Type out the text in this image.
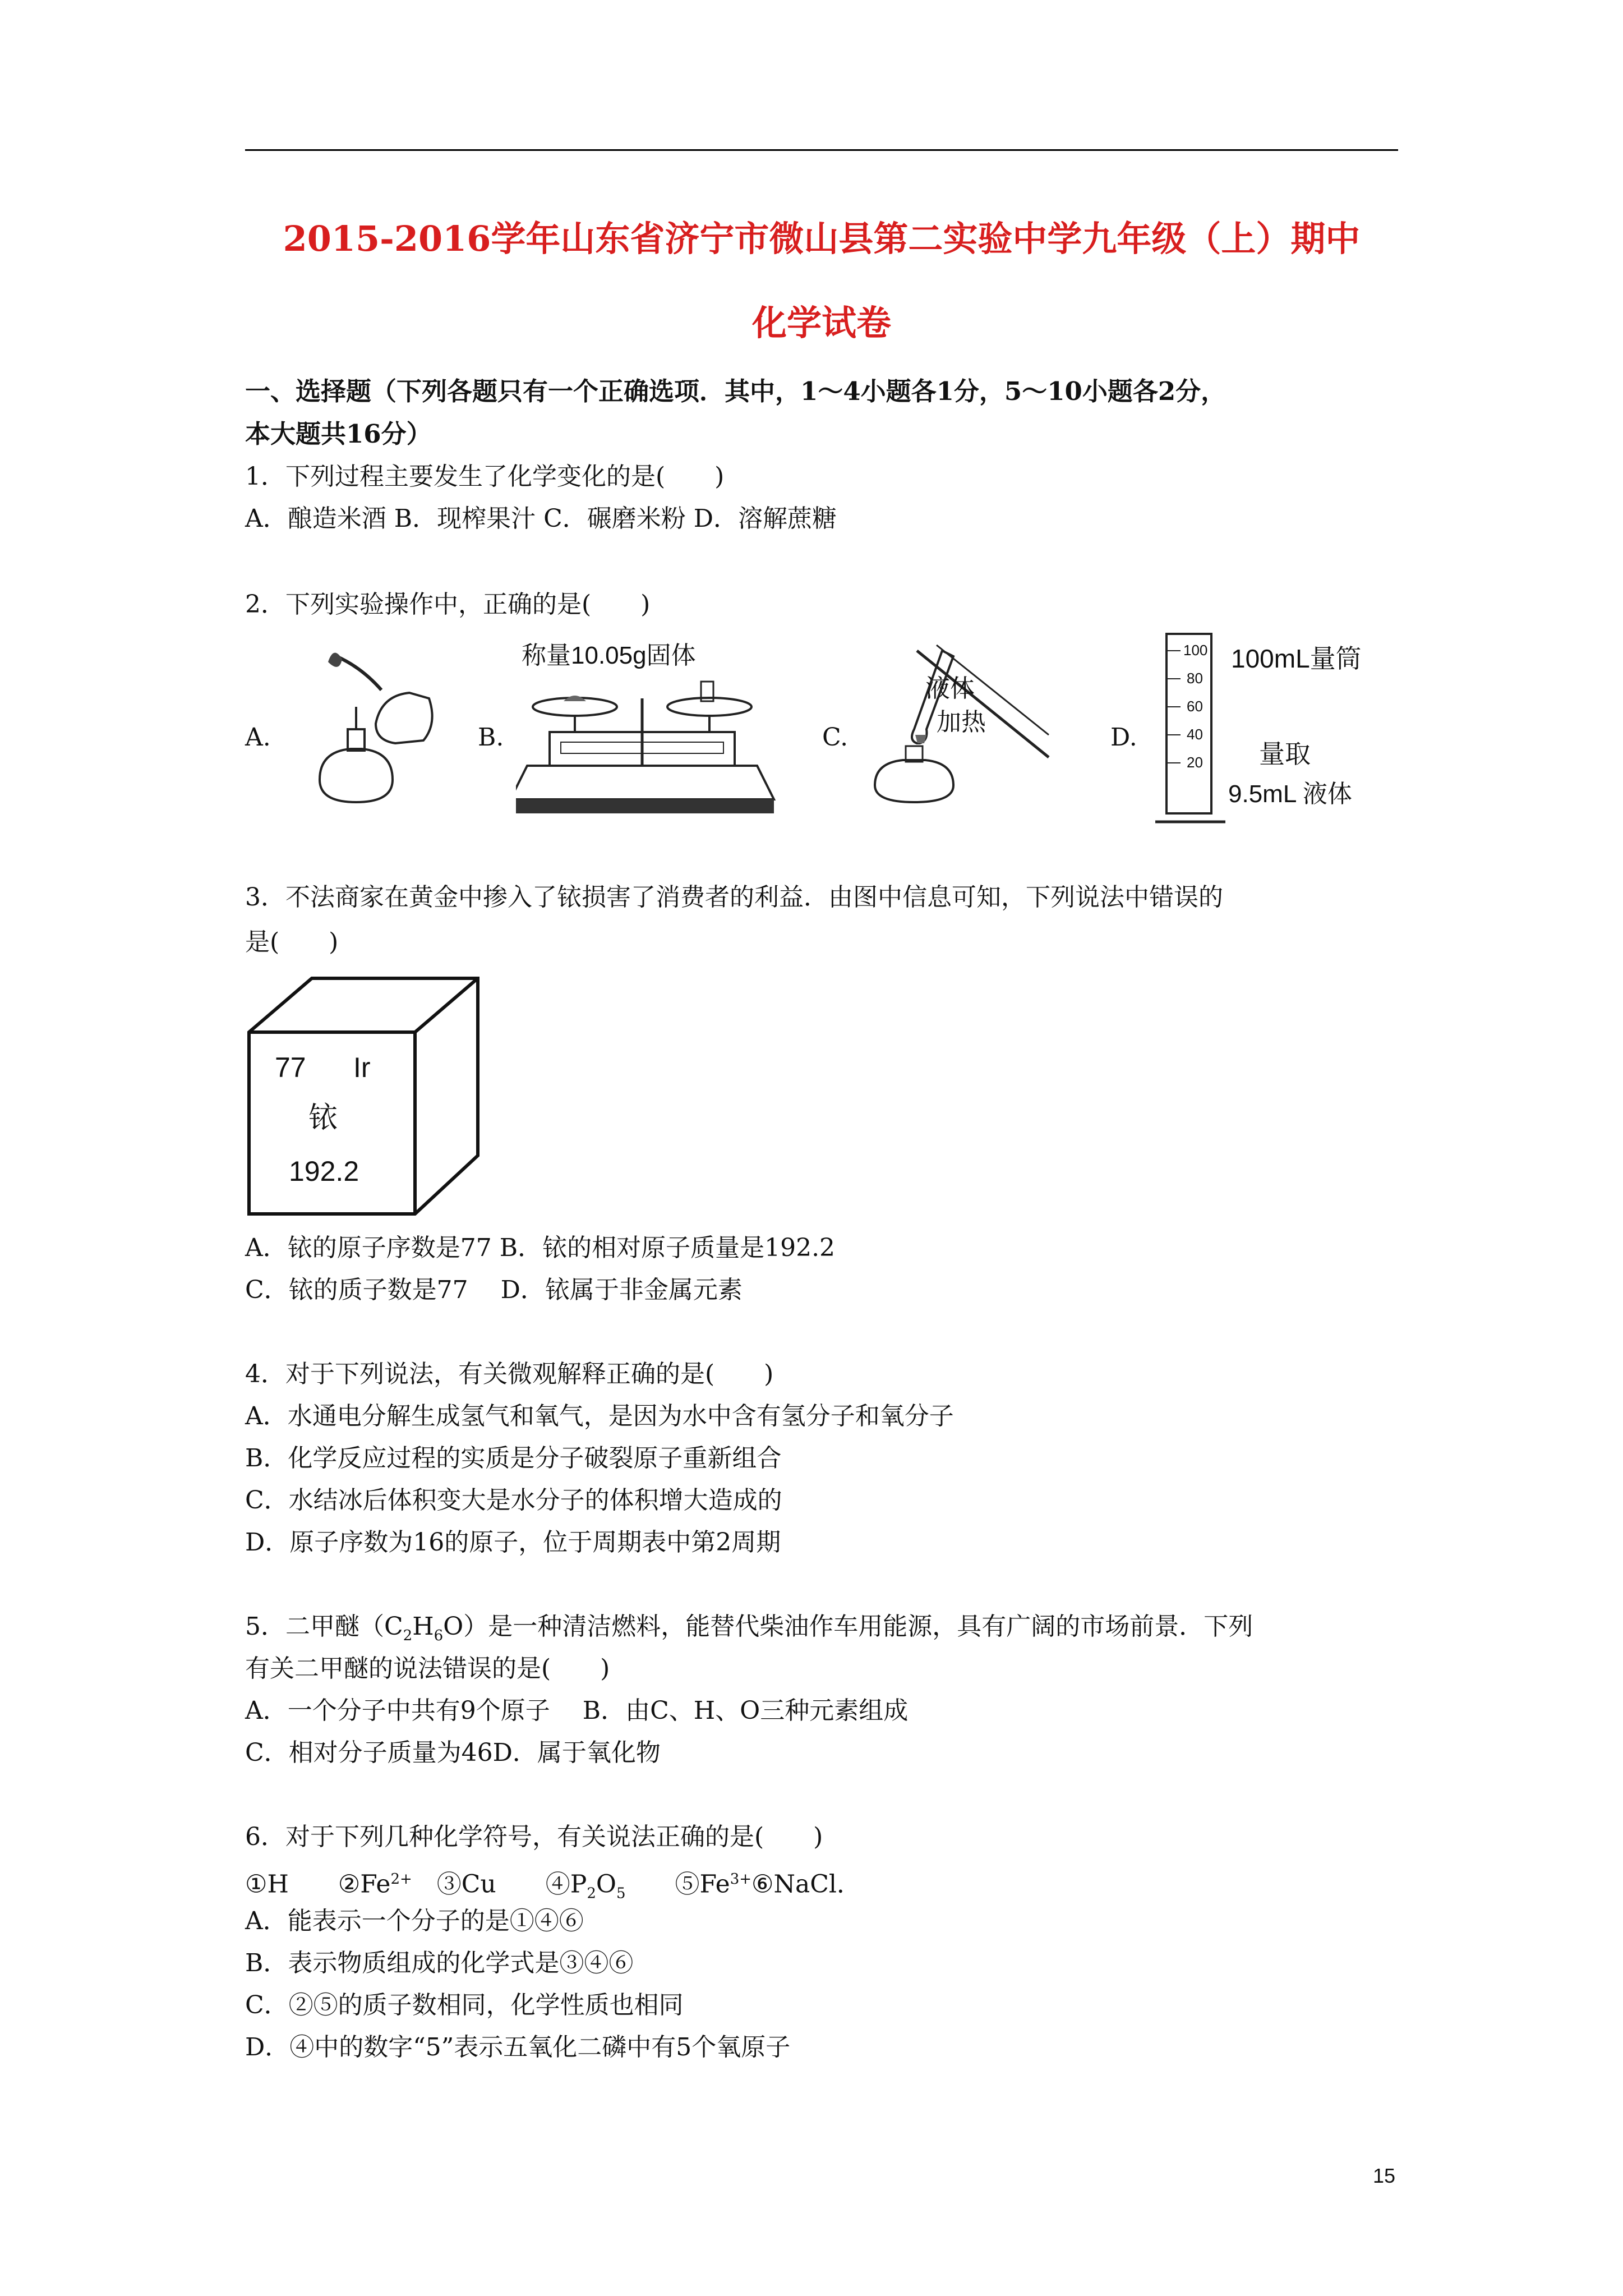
2015-2016学年山东省济宁市微山县第二实验中学九年级（上）期中
化学试卷
一、选择题（下列各题只有一个正确选项．其中，1～4小题各1分，5～10小题各2分，
本大题共16分）
1．下列过程主要发生了化学变化的是(　　)
A．酿造米酒 B．现榨果汁 C．碾磨米粉 D．溶解蔗糖
2．下列实验操作中，正确的是(　　)
A.	B.
称量10.05g固体
C.
液体
加热
D.
100
80
60
40
20
100mL量筒
量取
9.5mL 液体
3．不法商家在黄金中掺入了铱损害了消费者的利益．由图中信息可知，下列说法中错误的
是(　　)
77 Ir
铱
192.2
A．铱的原子序数是77 B．铱的相对原子质量是192.2
C．铱的质子数是77　 D．铱属于非金属元素
4．对于下列说法，有关微观解释正确的是(　　)
A．水通电分解生成氢气和氧气，是因为水中含有氢分子和氧分子
B．化学反应过程的实质是分子破裂原子重新组合
C．水结冰后体积变大是水分子的体积增大造成的
D．原子序数为16的原子，位于周期表中第2周期
5．二甲醚$(C_2H_6O)$是一种清洁燃料，能替代柴油作车用能源，具有广阔的市场前景．下列
有关二甲醚的说法错误的是(　　)
A．一个分子中共有9个原子　 B．由C、H、O三种元素组成
C．相对分子质量为46D．属于氧化物
6．对于下列几种化学符号，有关说法正确的是(　　)
①H　　$②Fe^{2+}$　③Cu　　$④P_2O_5$　　$⑤Fe^{3+}⑥NaCl$．
A．能表示一个分子的是①④⑥
B．表示物质组成的化学式是③④⑥
C．②⑤的质子数相同，化学性质也相同
D．④中的数字“5”表示五氧化二磷中有5个氧原子
15
